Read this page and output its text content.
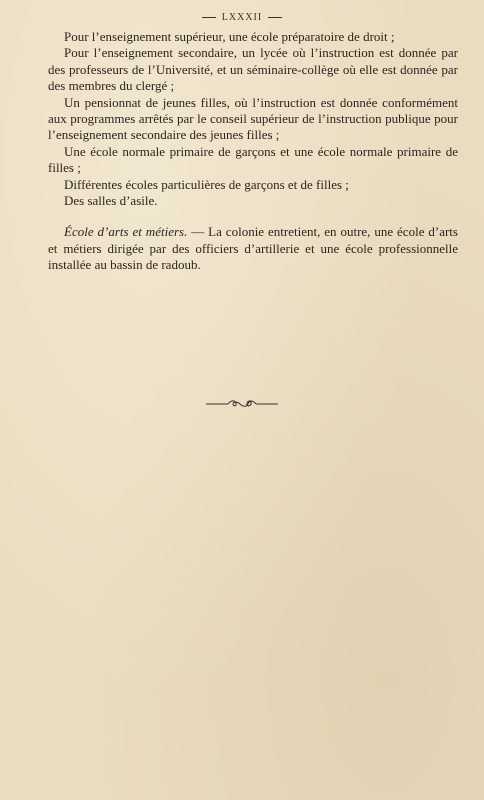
LXXXII

Pour l’enseignement supérieur, une école préparatoire de droit ;

Pour l’enseignement secondaire, un lycée où l’instruction est donnée par des professeurs de l’Université, et un séminaire-collège où elle est donnée par des membres du clergé ;

Un pensionnat de jeunes filles, où l’instruction est donnée conformément aux programmes arrêtés par le conseil supérieur de l’instruction publique pour l’enseignement secondaire des jeunes filles ;

Une école normale primaire de garçons et une école normale primaire de filles ;

Différentes écoles particulières de garçons et de filles ;

Des salles d’asile.

École d’arts et métiers. — La colonie entretient, en outre, une école d’arts et métiers dirigée par des officiers d’artillerie et une école professionnelle installée au bassin de radoub.
